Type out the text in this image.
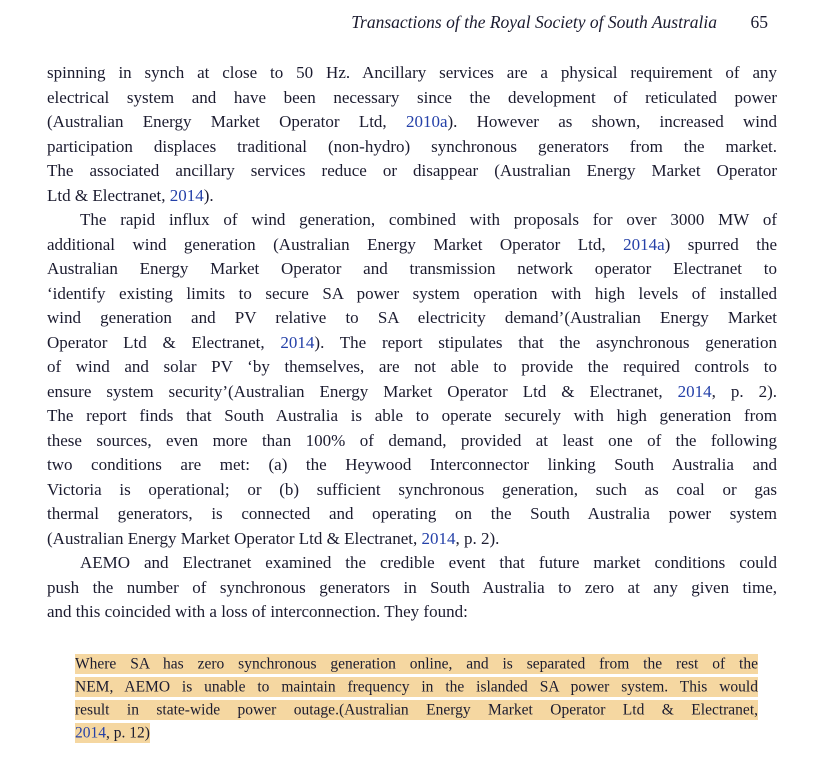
Transactions of the Royal Society of South Australia 65
spinning in synch at close to 50 Hz. Ancillary services are a physical requirement of any
electrical system and have been necessary since the development of reticulated power
(Australian Energy Market Operator Ltd, 2010a). However as shown, increased wind
participation displaces traditional (non-hydro) synchronous generators from the market.
The associated ancillary services reduce or disappear (Australian Energy Market Operator
Ltd & Electranet, 2014).
The rapid influx of wind generation, combined with proposals for over 3000 MW of
additional wind generation (Australian Energy Market Operator Ltd, 2014a) spurred the
Australian Energy Market Operator and transmission network operator Electranet to
‘identify existing limits to secure SA power system operation with high levels of installed
wind generation and PV relative to SA electricity demand’(Australian Energy Market
Operator Ltd & Electranet, 2014). The report stipulates that the asynchronous generation
of wind and solar PV ‘by themselves, are not able to provide the required controls to
ensure system security’(Australian Energy Market Operator Ltd & Electranet, 2014, p. 2).
The report finds that South Australia is able to operate securely with high generation from
these sources, even more than 100% of demand, provided at least one of the following
two conditions are met: (a) the Heywood Interconnector linking South Australia and
Victoria is operational; or (b) sufficient synchronous generation, such as coal or gas
thermal generators, is connected and operating on the South Australia power system
(Australian Energy Market Operator Ltd & Electranet, 2014, p. 2).
AEMO and Electranet examined the credible event that future market conditions could
push the number of synchronous generators in South Australia to zero at any given time,
and this coincided with a loss of interconnection. They found:
Where SA has zero synchronous generation online, and is separated from the rest of the
NEM, AEMO is unable to maintain frequency in the islanded SA power system. This would
result in state-wide power outage.(Australian Energy Market Operator Ltd & Electranet,
2014, p. 12)
